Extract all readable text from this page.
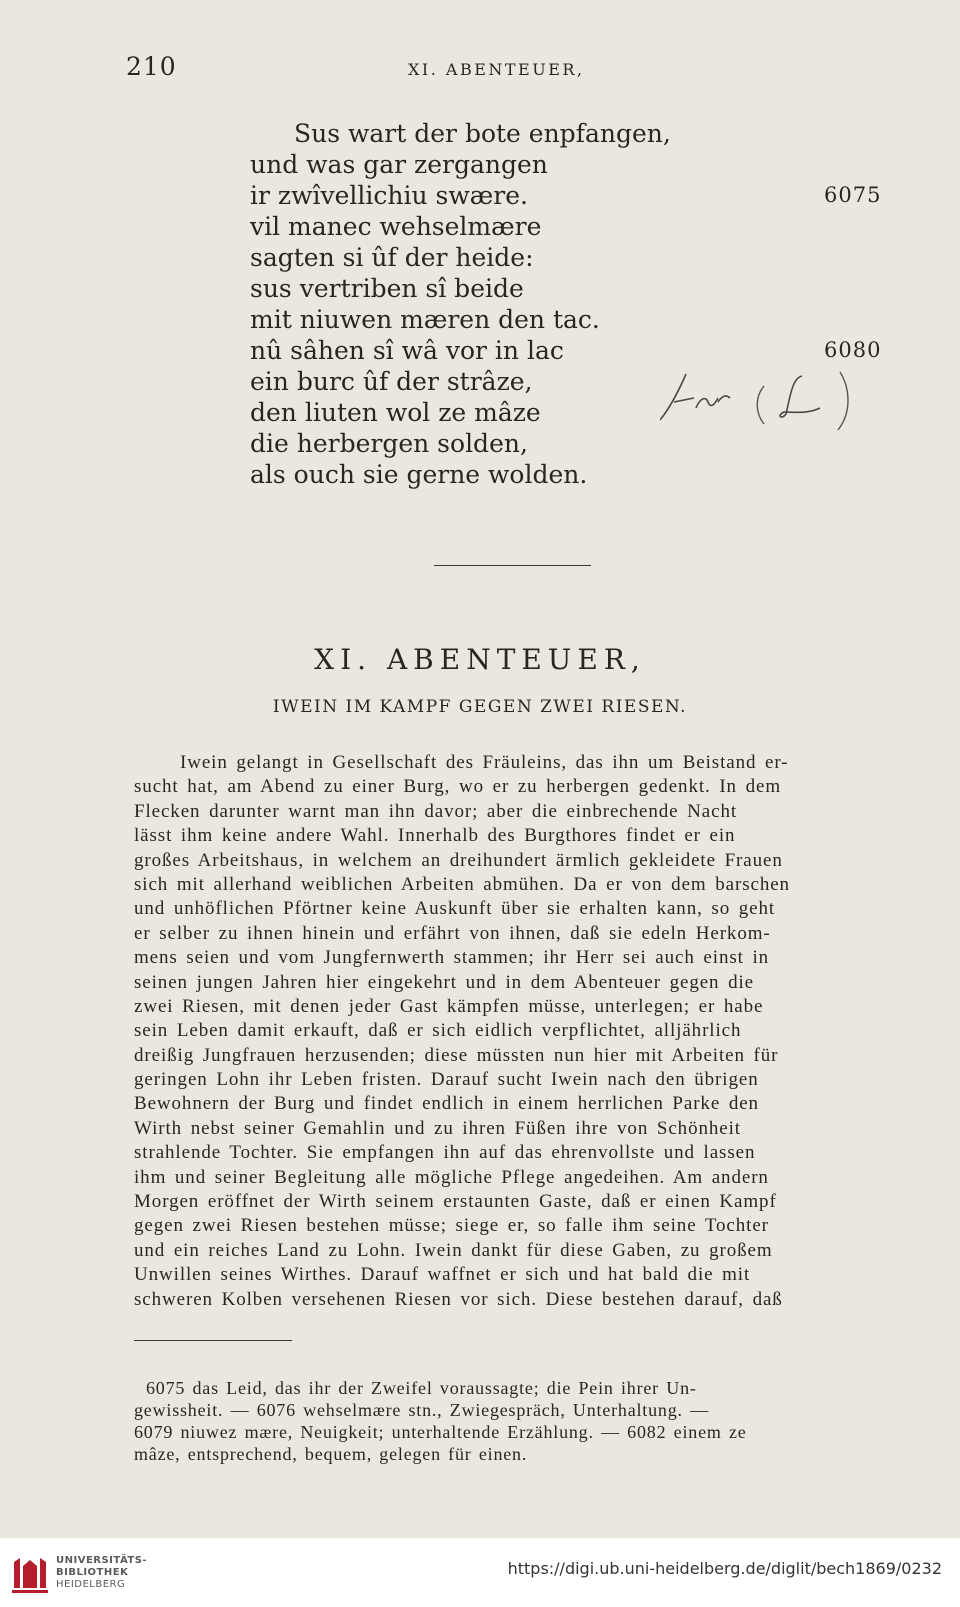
210	XI. ABENTEUER,
Sus wart der bote enpfangen,
und was gar zergangen
ir zwîvellichiu swære.	6075
vil manec wehselmære
sagten si ûf der heide:
sus vertriben sî beide
mit niuwen mæren den tac.
nû sâhen sî wâ vor in lac	6080
ein burc ûf der strâze,
den liuten wol ze mâze
die herbergen solden,
als ouch sie gerne wolden.
der (L.)
XI. ABENTEUER,
IWEIN IM KAMPF GEGEN ZWEI RIESEN.
Iwein gelangt in Gesellschaft des Fräuleins, das ihn um Beistand er-
sucht hat, am Abend zu einer Burg, wo er zu herbergen gedenkt. In dem
Flecken darunter warnt man ihn davor; aber die einbrechende Nacht
lässt ihm keine andere Wahl. Innerhalb des Burgthores findet er ein
großes Arbeitshaus, in welchem an dreihundert ärmlich gekleidete Frauen
sich mit allerhand weiblichen Arbeiten abmühen. Da er von dem barschen
und unhöflichen Pförtner keine Auskunft über sie erhalten kann, so geht
er selber zu ihnen hinein und erfährt von ihnen, daß sie edeln Herkom-
mens seien und vom Jungfernwerth stammen; ihr Herr sei auch einst in
seinen jungen Jahren hier eingekehrt und in dem Abenteuer gegen die
zwei Riesen, mit denen jeder Gast kämpfen müsse, unterlegen; er habe
sein Leben damit erkauft, daß er sich eidlich verpflichtet, alljährlich
dreißig Jungfrauen herzusenden; diese müssten nun hier mit Arbeiten für
geringen Lohn ihr Leben fristen. Darauf sucht Iwein nach den übrigen
Bewohnern der Burg und findet endlich in einem herrlichen Parke den
Wirth nebst seiner Gemahlin und zu ihren Füßen ihre von Schönheit
strahlende Tochter. Sie empfangen ihn auf das ehrenvollste und lassen
ihm und seiner Begleitung alle mögliche Pflege angedeihen. Am andern
Morgen eröffnet der Wirth seinem erstaunten Gaste, daß er einen Kampf
gegen zwei Riesen bestehen müsse; siege er, so falle ihm seine Tochter
und ein reiches Land zu Lohn. Iwein dankt für diese Gaben, zu großem
Unwillen seines Wirthes. Darauf waffnet er sich und hat bald die mit
schweren Kolben versehenen Riesen vor sich. Diese bestehen darauf, daß
6075 das Leid, das ihr der Zweifel voraussagte; die Pein ihrer Un-
gewissheit. — 6076 wehselmære stn., Zwiegespräch, Unterhaltung. —
6079 niuwez mære, Neuigkeit; unterhaltende Erzählung. — 6082 einem ze
mâze, entsprechend, bequem, gelegen für einen.
UNIVERSITÄTS-
BIBLIOTHEK
HEIDELBERG
https://digi.ub.uni-heidelberg.de/diglit/bech1869/0232
